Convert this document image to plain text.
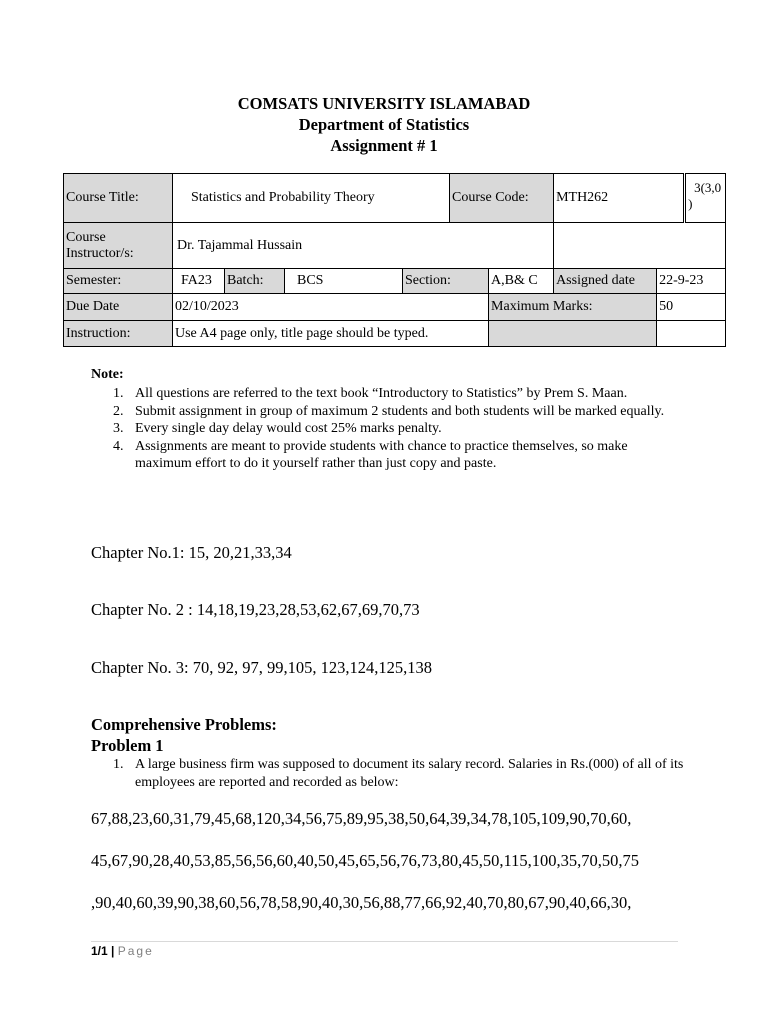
COMSATS UNIVERSITY ISLAMABAD
Department of Statistics
Assignment # 1
Course Title:	Statistics and Probability Theory				Course Code:		MTH262		3(3,0
)

Course Instructor/s:	Dr. Tajammal Hussain								
Semester:	FA23	Batch:	BCS	Section:		A,B& C	Assigned date	22-9-23	
Due Date	02/10/2023					Maximum Marks:		50	
Instruction:	Use A4 page only, title page should be typed.								
Note:
1. All questions are referred to the text book “Introductory to Statistics” by Prem S. Maan.
2. Submit assignment in group of maximum 2 students and both students will be marked equally.
3. Every single day delay would cost 25% marks penalty.
4. Assignments are meant to provide students with chance to practice themselves, so make maximum effort to do it yourself rather than just copy and paste.
Chapter No.1: 15, 20,21,33,34
Chapter No. 2 : 14,18,19,23,28,53,62,67,69,70,73
Chapter No. 3: 70, 92, 97, 99,105, 123,124,125,138
Comprehensive Problems:
Problem 1
1. A large business firm was supposed to document its salary record. Salaries in Rs.(000) of all of its employees are reported and recorded as below:
67,88,23,60,31,79,45,68,120,34,56,75,89,95,38,50,64,39,34,78,105,109,90,70,60,
45,67,90,28,40,53,85,56,56,60,40,50,45,65,56,76,73,80,45,50,115,100,35,70,50,75
,90,40,60,39,90,38,60,56,78,58,90,40,30,56,88,77,66,92,40,70,80,67,90,40,66,30,
1/1 | Page
